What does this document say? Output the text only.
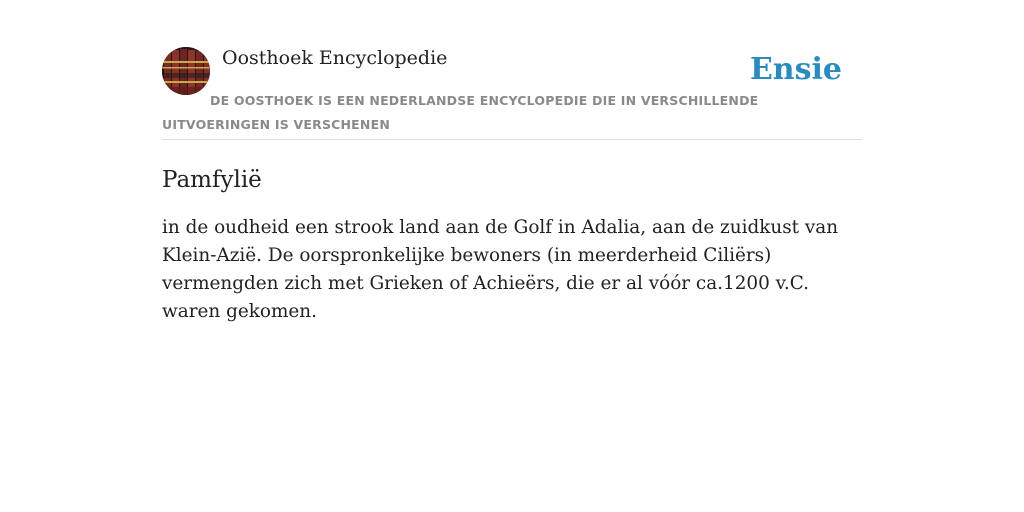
Oosthoek Encyclopedie	Ensie
DE OOSTHOEK IS EEN NEDERLANDSE ENCYCLOPEDIE DIE IN VERSCHILLENDE UITVOERINGEN IS VERSCHENEN
Pamfylië

in de oudheid een strook land aan de Golf in Adalia, aan de zuidkust van Klein-Azië. De oorspronkelijke bewoners (in meerderheid Ciliërs) vermengden zich met Grieken of Achieërs, die er al vóór ca.1200 v.C. waren gekomen.
